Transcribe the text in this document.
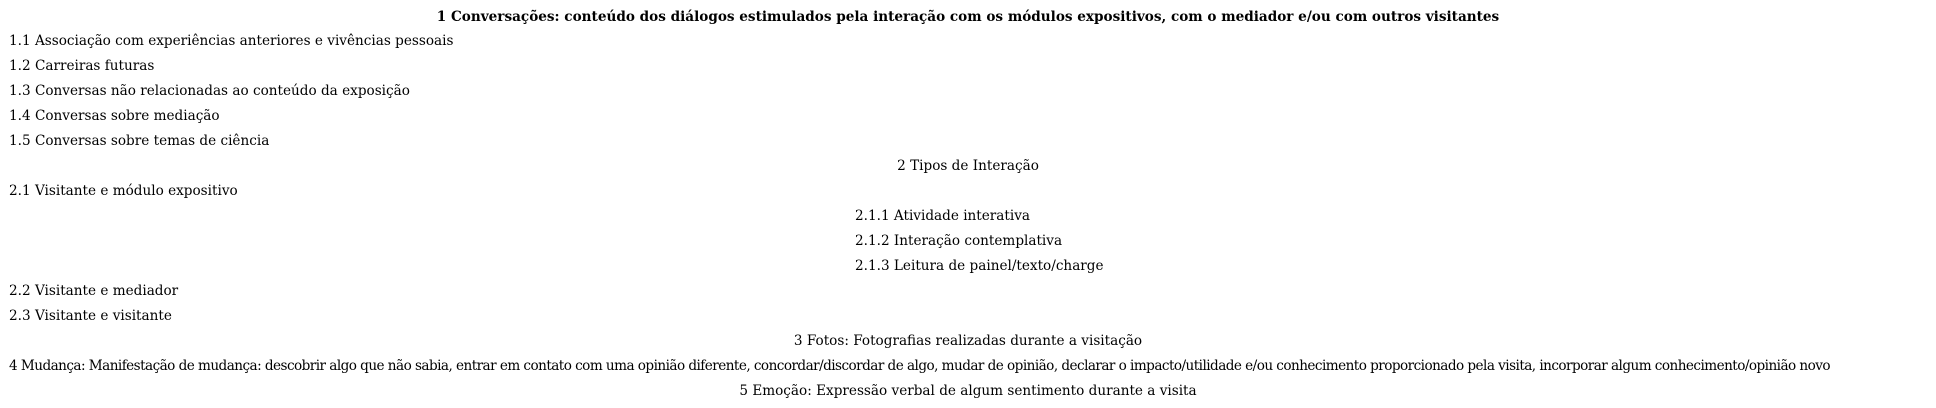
1 Conversações: conteúdo dos diálogos estimulados pela interação com os módulos expositivos, com o mediador e/ou com outros visitantes
1.1 Associação com experiências anteriores e vivências pessoais
1.2 Carreiras futuras
1.3 Conversas não relacionadas ao conteúdo da exposição
1.4 Conversas sobre mediação
1.5 Conversas sobre temas de ciência
2 Tipos de Interação
2.1 Visitante e módulo expositivo
2.1.1 Atividade interativa
2.1.2 Interação contemplativa
2.1.3 Leitura de painel/texto/charge
2.2 Visitante e mediador
2.3 Visitante e visitante
3 Fotos: Fotografias realizadas durante a visitação
4 Mudança: Manifestação de mudança: descobrir algo que não sabia, entrar em contato com uma opinião diferente, concordar/discordar de algo, mudar de opinião, declarar o impacto/utilidade e/ou conhecimento proporcionado pela visita, incorporar algum conhecimento/opinião novo
5 Emoção: Expressão verbal de algum sentimento durante a visita
